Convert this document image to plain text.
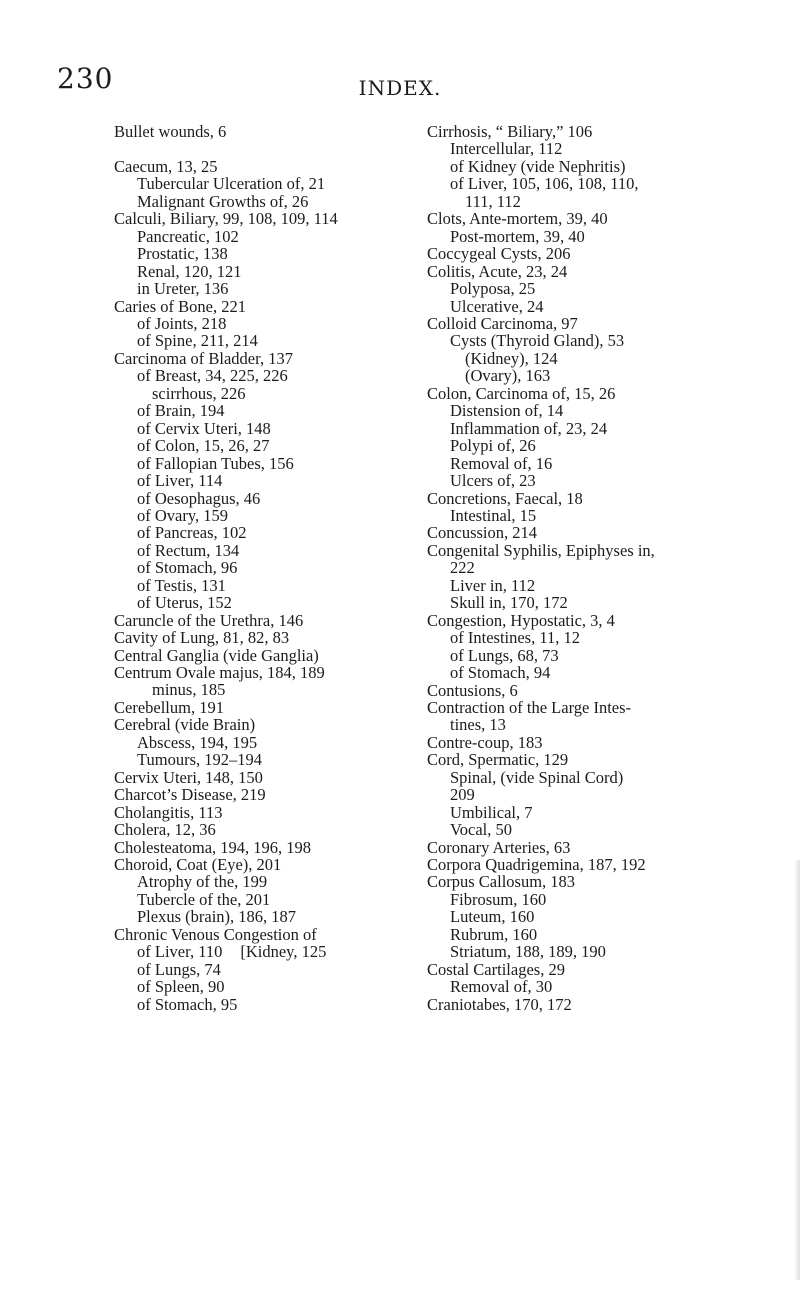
230	INDEX.
Bullet wounds, 6
Caecum, 13, 25
Tubercular Ulceration of, 21
Malignant Growths of, 26
Calculi, Biliary, 99, 108, 109, 114
Pancreatic, 102
Prostatic, 138
Renal, 120, 121
in Ureter, 136
Caries of Bone, 221
of Joints, 218
of Spine, 211, 214
Carcinoma of Bladder, 137
of Breast, 34, 225, 226
scirrhous, 226
of Brain, 194
of Cervix Uteri, 148
of Colon, 15, 26, 27
of Fallopian Tubes, 156
of Liver, 114
of Oesophagus, 46
of Ovary, 159
of Pancreas, 102
of Rectum, 134
of Stomach, 96
of Testis, 131
of Uterus, 152
Caruncle of the Urethra, 146
Cavity of Lung, 81, 82, 83
Central Ganglia (vide Ganglia)
Centrum Ovale majus, 184, 189
minus, 185
Cerebellum, 191
Cerebral (vide Brain)
Abscess, 194, 195
Tumours, 192–194
Cervix Uteri, 148, 150
Charcot’s Disease, 219
Cholangitis, 113
Cholera, 12, 36
Cholesteatoma, 194, 196, 198
Choroid, Coat (Eye), 201
Atrophy of the, 199
Tubercle of the, 201
Plexus (brain), 186, 187
Chronic Venous Congestion of
of Liver, 110 [Kidney, 125
of Lungs, 74
of Spleen, 90
of Stomach, 95
Cirrhosis, “ Biliary,” 106
Intercellular, 112
of Kidney (vide Nephritis)
of Liver, 105, 106, 108, 110,
111, 112
Clots, Ante-mortem, 39, 40
Post-mortem, 39, 40
Coccygeal Cysts, 206
Colitis, Acute, 23, 24
Polyposa, 25
Ulcerative, 24
Colloid Carcinoma, 97
Cysts (Thyroid Gland), 53
(Kidney), 124
(Ovary), 163
Colon, Carcinoma of, 15, 26
Distension of, 14
Inflammation of, 23, 24
Polypi of, 26
Removal of, 16
Ulcers of, 23
Concretions, Faecal, 18
Intestinal, 15
Concussion, 214
Congenital Syphilis, Epiphyses in,
222
Liver in, 112
Skull in, 170, 172
Congestion, Hypostatic, 3, 4
of Intestines, 11, 12
of Lungs, 68, 73
of Stomach, 94
Contusions, 6
Contraction of the Large Intes-
tines, 13
Contre-coup, 183
Cord, Spermatic, 129
Spinal, (vide Spinal Cord)
209
Umbilical, 7
Vocal, 50
Coronary Arteries, 63
Corpora Quadrigemina, 187, 192
Corpus Callosum, 183
Fibrosum, 160
Luteum, 160
Rubrum, 160
Striatum, 188, 189, 190
Costal Cartilages, 29
Removal of, 30
Craniotabes, 170, 172
